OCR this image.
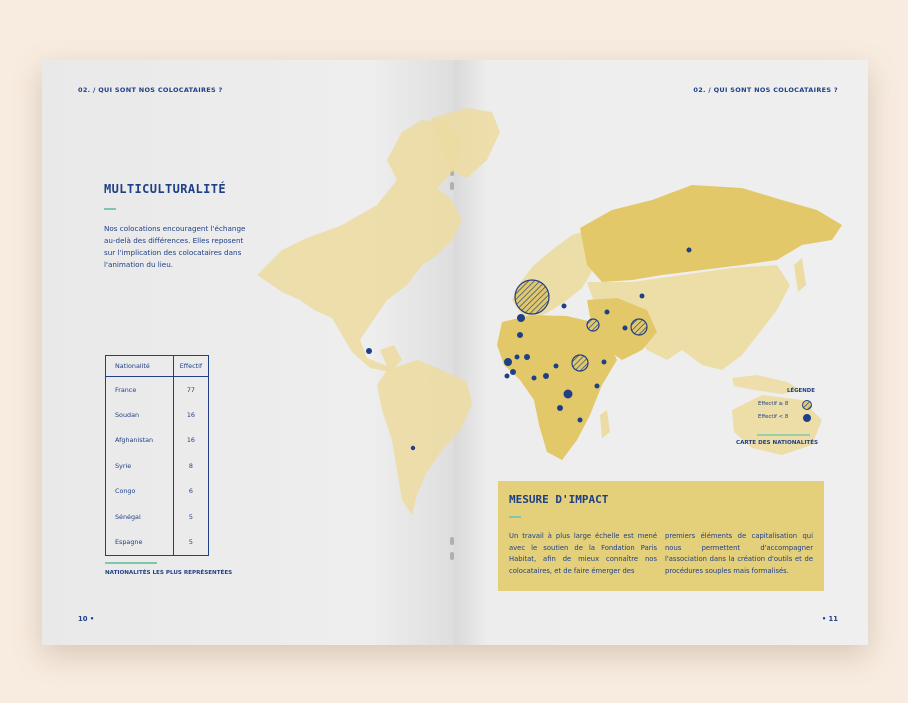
02. / QUI SONT NOS COLOCATAIRES ?
MULTICULTURALITÉ
Nos colocations encouragent l'échange au-delà des différences. Elles reposent sur l'implication des colocataires dans l'animation du lieu.
Nationalité	Effectif
France	77
Soudan	16
Afghanistan	16
Syrie	8
Congo	6
Sénégal	5
Espagne	5
NATIONALITÉS LES PLUS REPRÉSENTÉES
10 •
02. / QUI SONT NOS COLOCATAIRES ?
• 11
LÉGENDE
Effectif ≥ 8
Effectif < 8
CARTE DES NATIONALITÉS
MESURE D'IMPACT
Un travail à plus large échelle est mené avec le soutien de la Fondation Paris Habitat, afin de mieux connaître nos colocataires, et de faire émerger des
premiers éléments de capitalisation qui nous permettent d'accompagner l'association dans la création d'outils et de procédures souples mais formalisés.
